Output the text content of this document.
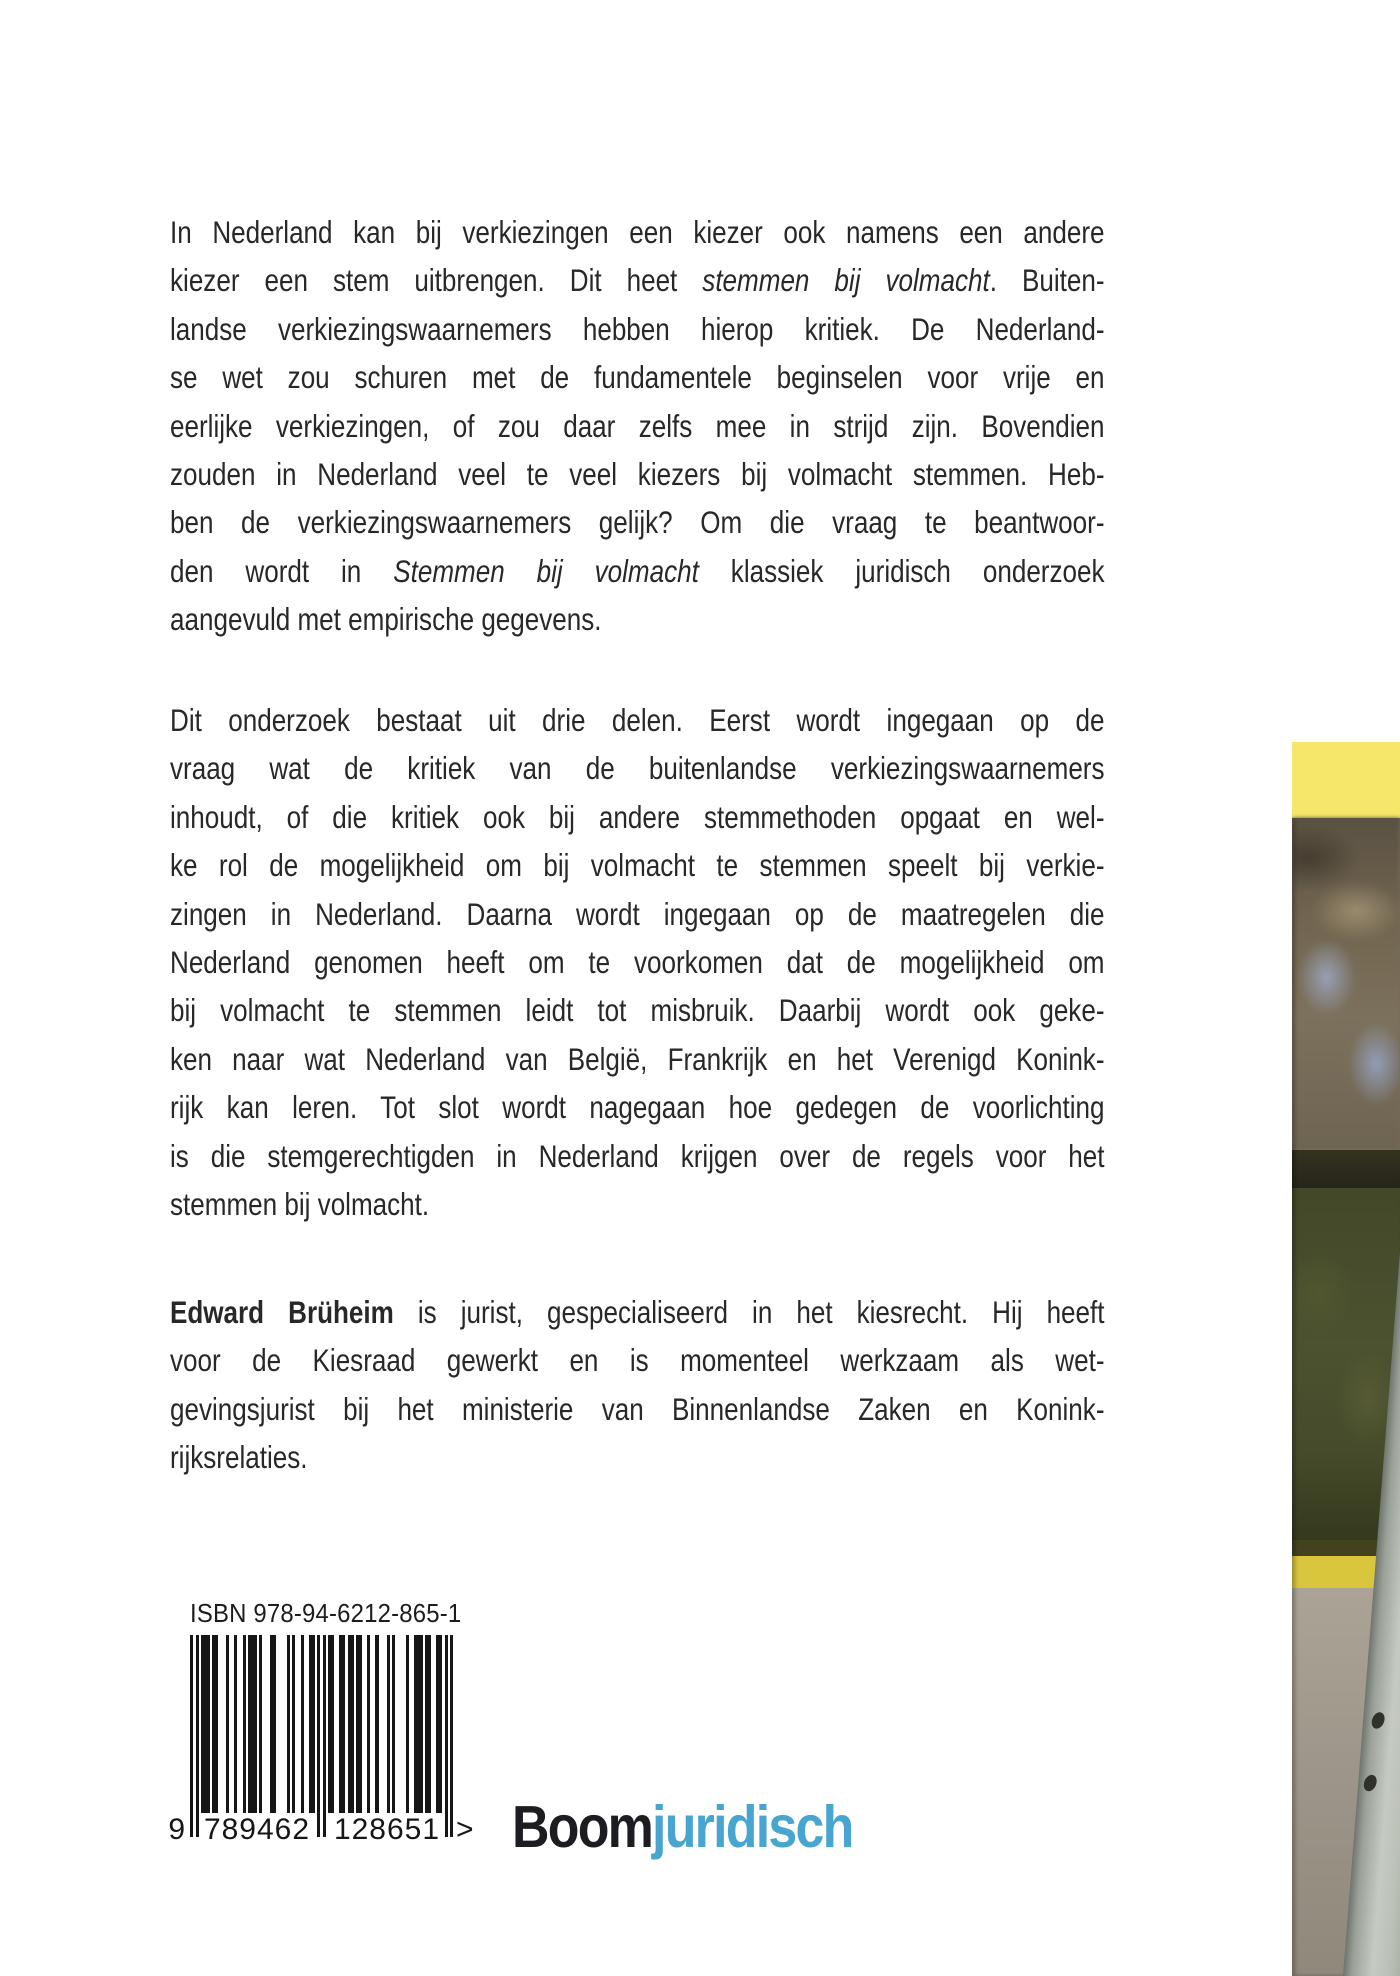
In Nederland kan bij verkiezingen een kiezer ook namens een andere
kiezer een stem uitbrengen. Dit heet stemmen bij volmacht. Buiten-
landse verkiezingswaarnemers hebben hierop kritiek. De Nederland-
se wet zou schuren met de fundamentele beginselen voor vrije en
eerlijke verkiezingen, of zou daar zelfs mee in strijd zijn. Bovendien
zouden in Nederland veel te veel kiezers bij volmacht stemmen. Heb-
ben de verkiezingswaarnemers gelijk? Om die vraag te beantwoor-
den wordt in Stemmen bij volmacht klassiek juridisch onderzoek
aangevuld met empirische gegevens.
Dit onderzoek bestaat uit drie delen. Eerst wordt ingegaan op de
vraag wat de kritiek van de buitenlandse verkiezingswaarnemers
inhoudt, of die kritiek ook bij andere stemmethoden opgaat en wel-
ke rol de mogelijkheid om bij volmacht te stemmen speelt bij verkie-
zingen in Nederland. Daarna wordt ingegaan op de maatregelen die
Nederland genomen heeft om te voorkomen dat de mogelijkheid om
bij volmacht te stemmen leidt tot misbruik. Daarbij wordt ook geke-
ken naar wat Nederland van België, Frankrijk en het Verenigd Konink-
rijk kan leren. Tot slot wordt nagegaan hoe gedegen de voorlichting
is die stemgerechtigden in Nederland krijgen over de regels voor het
stemmen bij volmacht.
Edward Brüheim is jurist, gespecialiseerd in het kiesrecht. Hij heeft
voor de Kiesraad gewerkt en is momenteel werkzaam als wet-
gevingsjurist bij het ministerie van Binnenlandse Zaken en Konink-
rijksrelaties.
ISBN 978-94-6212-865-1
9 789462 128651 > Boomjuridisch
